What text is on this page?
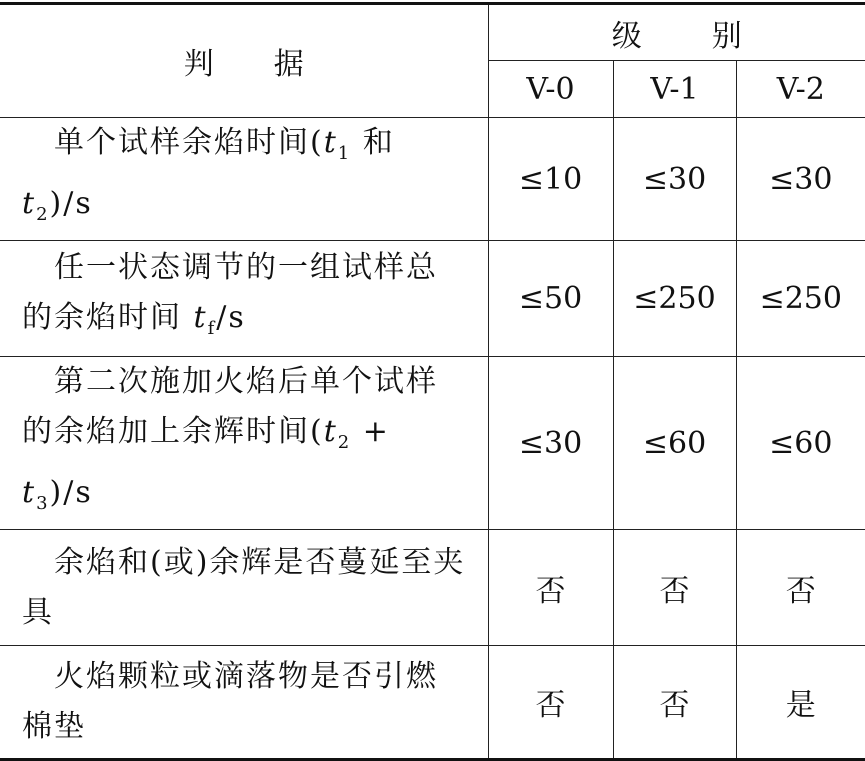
判据	级别		
	V-0	V-1	V-2
单个试样余焰时间($t_1$ 和 $t_2)/s$	≤10	≤30	≤30
任一状态调节的一组试样总的余焰时间 $t_f/s$	≤50	≤250	≤250
第二次施加火焰后单个试样的余焰加上余辉时间$(t_2 + t_3)/s$	≤30	≤60	≤60
余焰和(或)余辉是否蔓延至夹具	否	否	否
火焰颗粒或滴落物是否引燃棉垫	否	否	是
